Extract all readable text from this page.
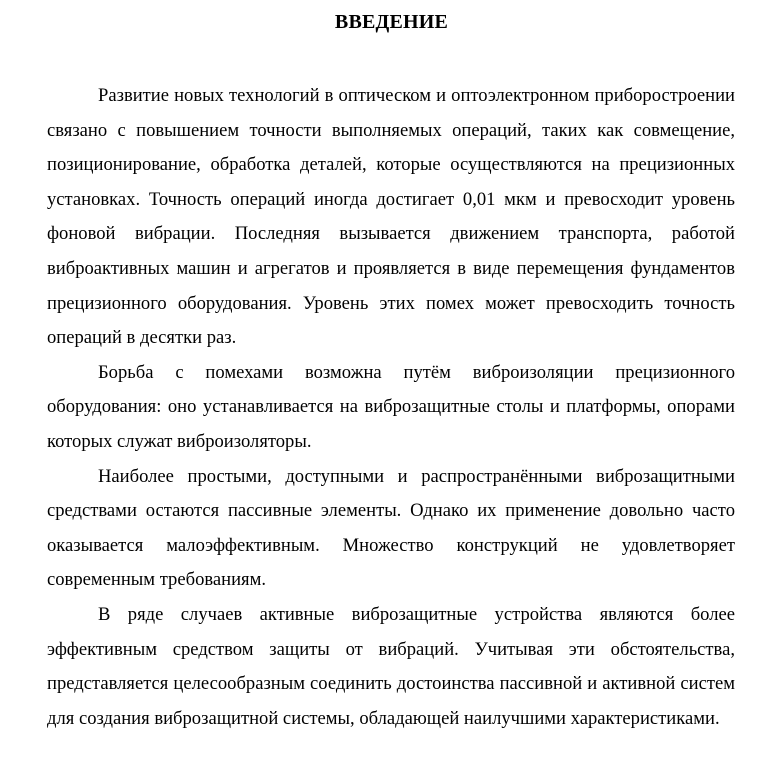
ВВЕДЕНИЕ

Развитие новых технологий в оптическом и оптоэлектронном приборостроении связано с повышением точности выполняемых операций, таких как совмещение, позиционирование, обработка деталей, которые осуществляются на прецизионных установках. Точность операций иногда достигает 0,01 мкм и превосходит уровень фоновой вибрации. Последняя вызывается движением транспорта, работой виброактивных машин и агрегатов и проявляется в виде перемещения фундаментов прецизионного оборудования. Уровень этих помех может превосходить точность операций в десятки раз.

Борьба с помехами возможна путём виброизоляции прецизионного оборудования: оно устанавливается на виброзащитные столы и платформы, опорами которых служат виброизоляторы.

Наиболее простыми, доступными и распространёнными виброзащитными средствами остаются пассивные элементы. Однако их применение довольно часто оказывается малоэффективным. Множество конструкций не удовлетворяет современным требованиям.

В ряде случаев активные виброзащитные устройства являются более эффективным средством защиты от вибраций. Учитывая эти обстоятельства, представляется целесообразным соединить достоинства пассивной и активной систем для создания виброзащитной системы, обладающей наилучшими характеристиками.
